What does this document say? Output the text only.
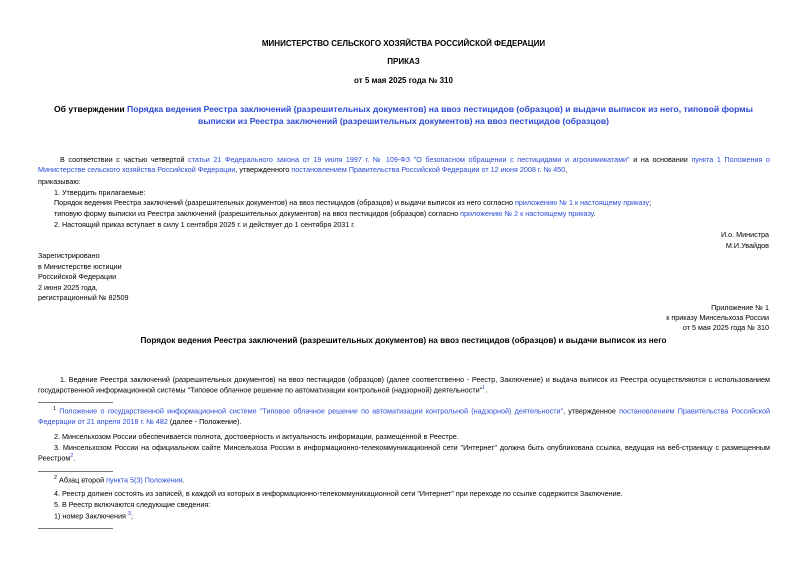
МИНИСТЕРСТВО СЕЛЬСКОГО ХОЗЯЙСТВА РОССИЙСКОЙ ФЕДЕРАЦИИ
ПРИКАЗ
от 5 мая 2025 года № 310
Об утверждении Порядка ведения Реестра заключений (разрешительных документов) на ввоз пестицидов (образцов) и выдачи выписок из него, типовой формы выписки из Реестра заключений (разрешительных документов) на ввоз пестицидов (образцов)
В соответствии с частью четвертой статьи 21 Федерального закона от 19 июля 1997 г. № 109-ФЗ "О безопасном обращении с пестицидами и агрохимикатами" и на основании пункта 1 Положения о Министерстве сельского хозяйства Российской Федерации, утвержденного постановлением Правительства Российской Федерации от 12 июня 2008 г. № 450,
приказываю:
1. Утвердить прилагаемые:
Порядок ведения Реестра заключений (разрешительных документов) на ввоз пестицидов (образцов) и выдачи выписок из него согласно приложению № 1 к настоящему приказу;
типовую форму выписки из Реестра заключений (разрешительных документов) на ввоз пестицидов (образцов) согласно приложению № 2 к настоящему приказу.
2. Настоящий приказ вступает в силу 1 сентября 2025 г. и действует до 1 сентября 2031 г.
И.о. Министра
М.И.Увайдов
Зарегистрировано
в Министерстве юстиции
Российской Федерации
2 июня 2025 года,
регистрационный № 82509
Приложение № 1
к приказу Минсельхоза России
от 5 мая 2025 года № 310
Порядок ведения Реестра заключений (разрешительных документов) на ввоз пестицидов (образцов) и выдачи выписок из него
1. Ведение Реестра заключений (разрешительных документов) на ввоз пестицидов (образцов) (далее соответственно - Реестр, Заключение) и выдача выписок из Реестра осуществляются с использованием государственной информационной системы "Типовое облачное решение по автоматизации контрольной (надзорной) деятельности"$^1$.
$^1$ Положение о государственной информационной системе "Типовое облачное решение по автоматизации контрольной (надзорной) деятельности", утвержденное постановлением Правительства Российской Федерации от 21 апреля 2018 г. № 482 (далее - Положение).
2. Минсельхозом России обеспечивается полнота, достоверность и актуальность информации, размещенной в Реестре.
3. Минсельхозом России на официальном сайте Минсельхоза России в информационно-телекоммуникационной сети "Интернет" должна быть опубликована ссылка, ведущая на веб-страницу с размещенным Реестром$^2$.
$^2$ Абзац второй пункта 5(3) Положения.
4. Реестр должен состоять из записей, в каждой из которых в информационно-телекоммуникационной сети "Интернет" при переходе по ссылке содержится Заключение.
5. В Реестр включаются следующие сведения:
1) номер Заключения $^3$;
